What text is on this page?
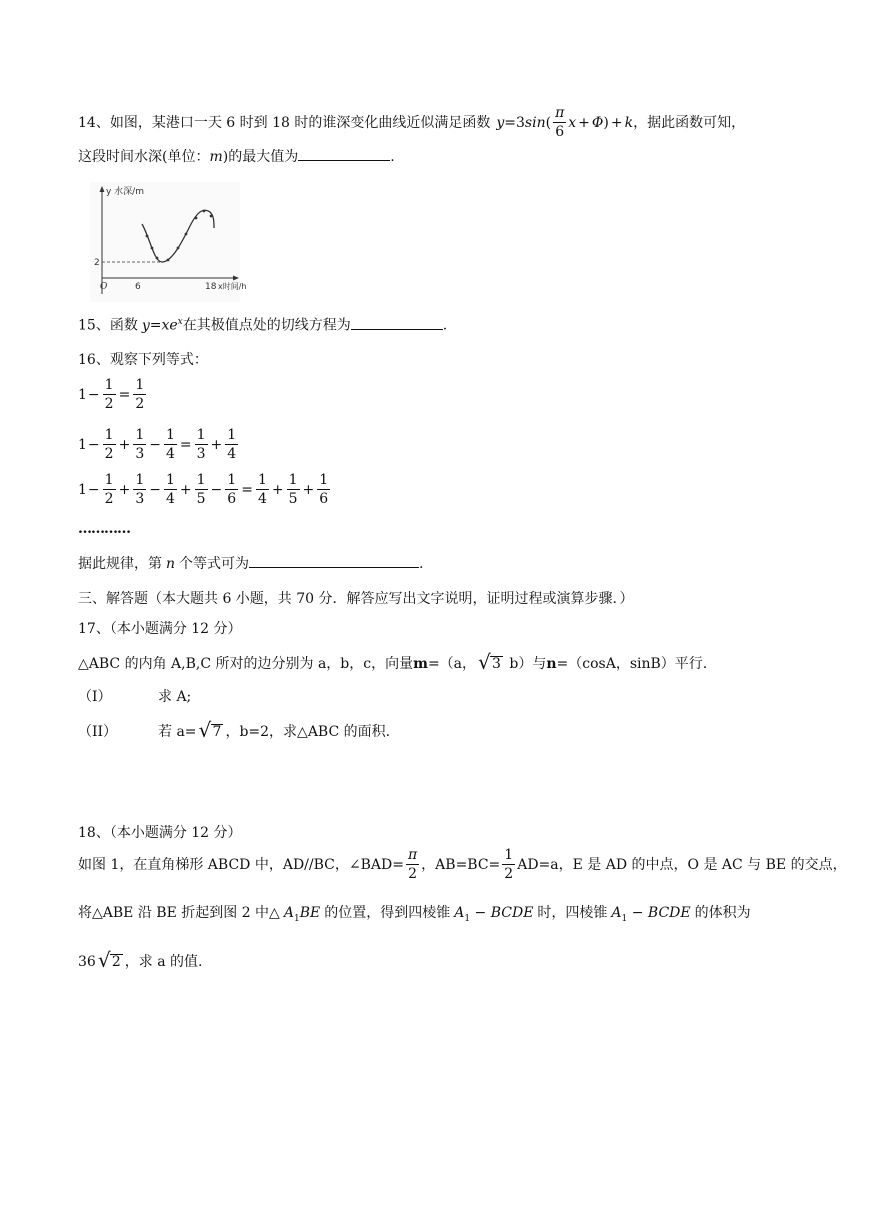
14、如图，某港口一天 6 时到 18 时的谁深变化曲线近似满足函数 y =3 sin ( $\frac{\pi}{6}$ x + Φ ) + k ，据此函数可知，
这段时间水深(单位：m)的最大值为	.
y 水深/m
2
O	6	18 x时间/h
15、函数 $y=xe^x$在其极值点处的切线方程为	.
16、观察下列等式：
$1 - \frac{1}{2} = \frac{1}{2}$
$1 - \frac{1}{2} + \frac{1}{3} - \frac{1}{4} = \frac{1}{3} + \frac{1}{4}$
$1 - \frac{1}{2} + \frac{1}{3} - \frac{1}{4} + \frac{1}{5} - \frac{1}{6} = \frac{1}{4} + \frac{1}{5} + \frac{1}{6}$
…………
据此规律，第 n 个等式可为	.
三、解答题（本大题共 6 小题，共 70 分．解答应写出文字说明，证明过程或演算步骤．）
17、（本小题满分 12 分）
△ABC 的内角 A,B,C 所对的边分别为 a，b，c，向量m=（a， √ 3 b）与n=（cosA，sinB）平行.
（I）	求 A;
（II）	若 a= √ 7 ，b=2，求△ABC 的面积.
18、（本小题满分 12 分）
如图 1，在直角梯形 ABCD 中，AD//BC，∠BAD= $\frac{\pi}{2}$ ，$AB=BC= \frac{1}{2} AD=a$，E 是 AD 的中点，O 是 AC 与 BE 的交点，
将△ABE 沿 BE 折起到图 2 中△ $A_1BE$ 的位置，得到四棱锥 $A_1$ − BCDE 时，四棱锥 $A_1$ − BCDE 的体积为
36 √ 2 ，求 a 的值.
